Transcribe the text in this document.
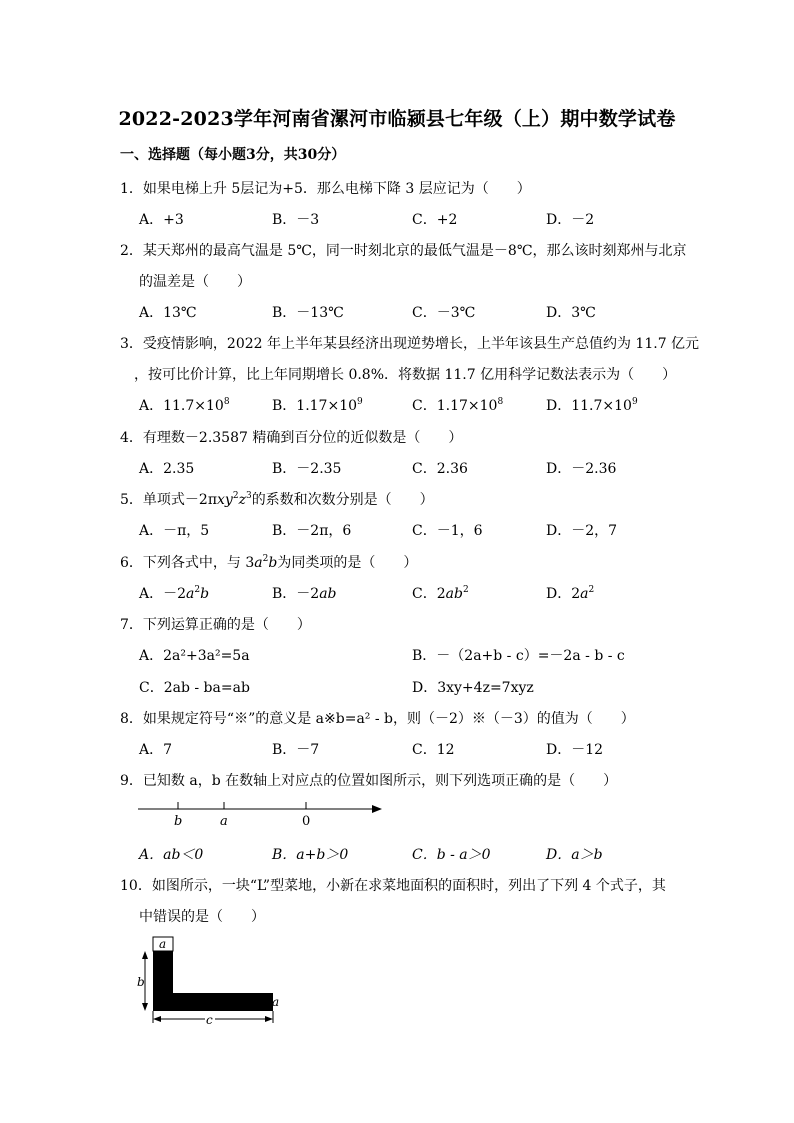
2022-2023学年河南省漯河市临颍县七年级（上）期中数学试卷
一、选择题（每小题3分，共30分）
1．如果电梯上升 5层记为+5．那么电梯下降 3 层应记为（　　）
A．+3	B．－3	C．+2	D．－2
2．某天郑州的最高气温是 5℃，同一时刻北京的最低气温是－8℃，那么该时刻郑州与北京
的温差是（　　）
A．13℃	B．－13℃	C．－3℃	D．3℃
3．受疫情影响，2022 年上半年某县经济出现逆势增长，上半年该县生产总值约为 11.7 亿元
，按可比价计算，比上年同期增长 0.8%．将数据 11.7 亿用科学记数法表示为（　　）
A．$11.7\times 10^8$	B．$1.17\times 10^9$	C．$1.17\times 10^8$	D．$11.7\times 10^9$
4．有理数－2.3587 精确到百分位的近似数是（　　）
A．2.35	B．－2.35	C．2.36	D．－2.36
5．单项式$-2\pi xy^2z^3$的系数和次数分别是（　　）
A．－π，5	B．－2π，6	C．－1，6	D．－2，7
6．下列各式中，与 $3a^2b$为同类项的是（　　）
A．$-2a^2b$	B．－2ab	C．$2ab^2$	D．$2a^2$
7．下列运算正确的是（　　）
A．2a²+3a²=5a	B．－（2a+b - c）=－2a - b - c
C．2ab - ba=ab	D．3xy+4z=7xyz
8．如果规定符号“※”的意义是 a※b=a² - b，则（－2）※（－3）的值为（　　）
A．7	B．－7	C．12	D．－12
9．已知数 a，b 在数轴上对应点的位置如图所示，则下列选项正确的是（　　）
b	a	0
A．ab＜0	B．a+b＞0	C．b - a＞0	D．a＞b
10．如图所示，一块“L”型菜地，小新在求菜地面积的面积时，列出了下列 4 个式子，其
中错误的是（　　）
a
b
a
c
